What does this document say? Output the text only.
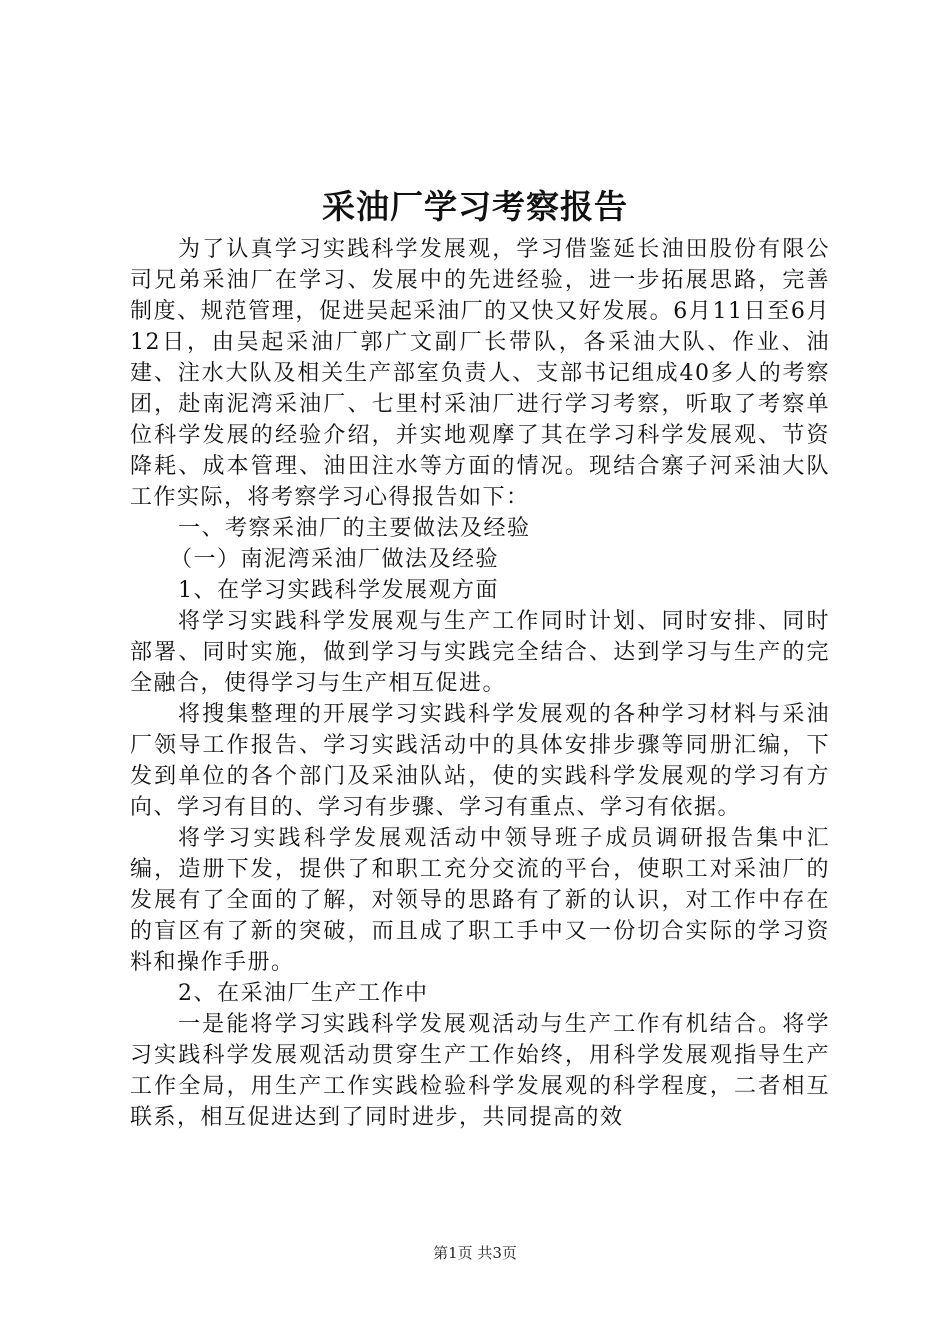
采油厂学习考察报告

为了认真学习实践科学发展观，学习借鉴延长油田股份有限公司兄弟采油厂在学习、发展中的先进经验，进一步拓展思路，完善制度、规范管理，促进吴起采油厂的又快又好发展。6月11日至6月12日，由吴起采油厂郭广文副厂长带队，各采油大队、作业、油建、注水大队及相关生产部室负责人、支部书记组成40多人的考察团，赴南泥湾采油厂、七里村采油厂进行学习考察，听取了考察单位科学发展的经验介绍，并实地观摩了其在学习科学发展观、节资降耗、成本管理、油田注水等方面的情况。现结合寨子河采油大队工作实际，将考察学习心得报告如下：

一、考察采油厂的主要做法及经验

（一）南泥湾采油厂做法及经验

1、在学习实践科学发展观方面

将学习实践科学发展观与生产工作同时计划、同时安排、同时部署、同时实施，做到学习与实践完全结合、达到学习与生产的完全融合，使得学习与生产相互促进。

将搜集整理的开展学习实践科学发展观的各种学习材料与采油厂领导工作报告、学习实践活动中的具体安排步骤等同册汇编，下发到单位的各个部门及采油队站，使的实践科学发展观的学习有方向、学习有目的、学习有步骤、学习有重点、学习有依据。

将学习实践科学发展观活动中领导班子成员调研报告集中汇编，造册下发，提供了和职工充分交流的平台，使职工对采油厂的发展有了全面的了解，对领导的思路有了新的认识，对工作中存在的盲区有了新的突破，而且成了职工手中又一份切合实际的学习资料和操作手册。

2、在采油厂生产工作中

一是能将学习实践科学发展观活动与生产工作有机结合。将学习实践科学发展观活动贯穿生产工作始终，用科学发展观指导生产工作全局，用生产工作实践检验科学发展观的科学程度，二者相互联系，相互促进达到了同时进步，共同提高的效

第1页 共3页
